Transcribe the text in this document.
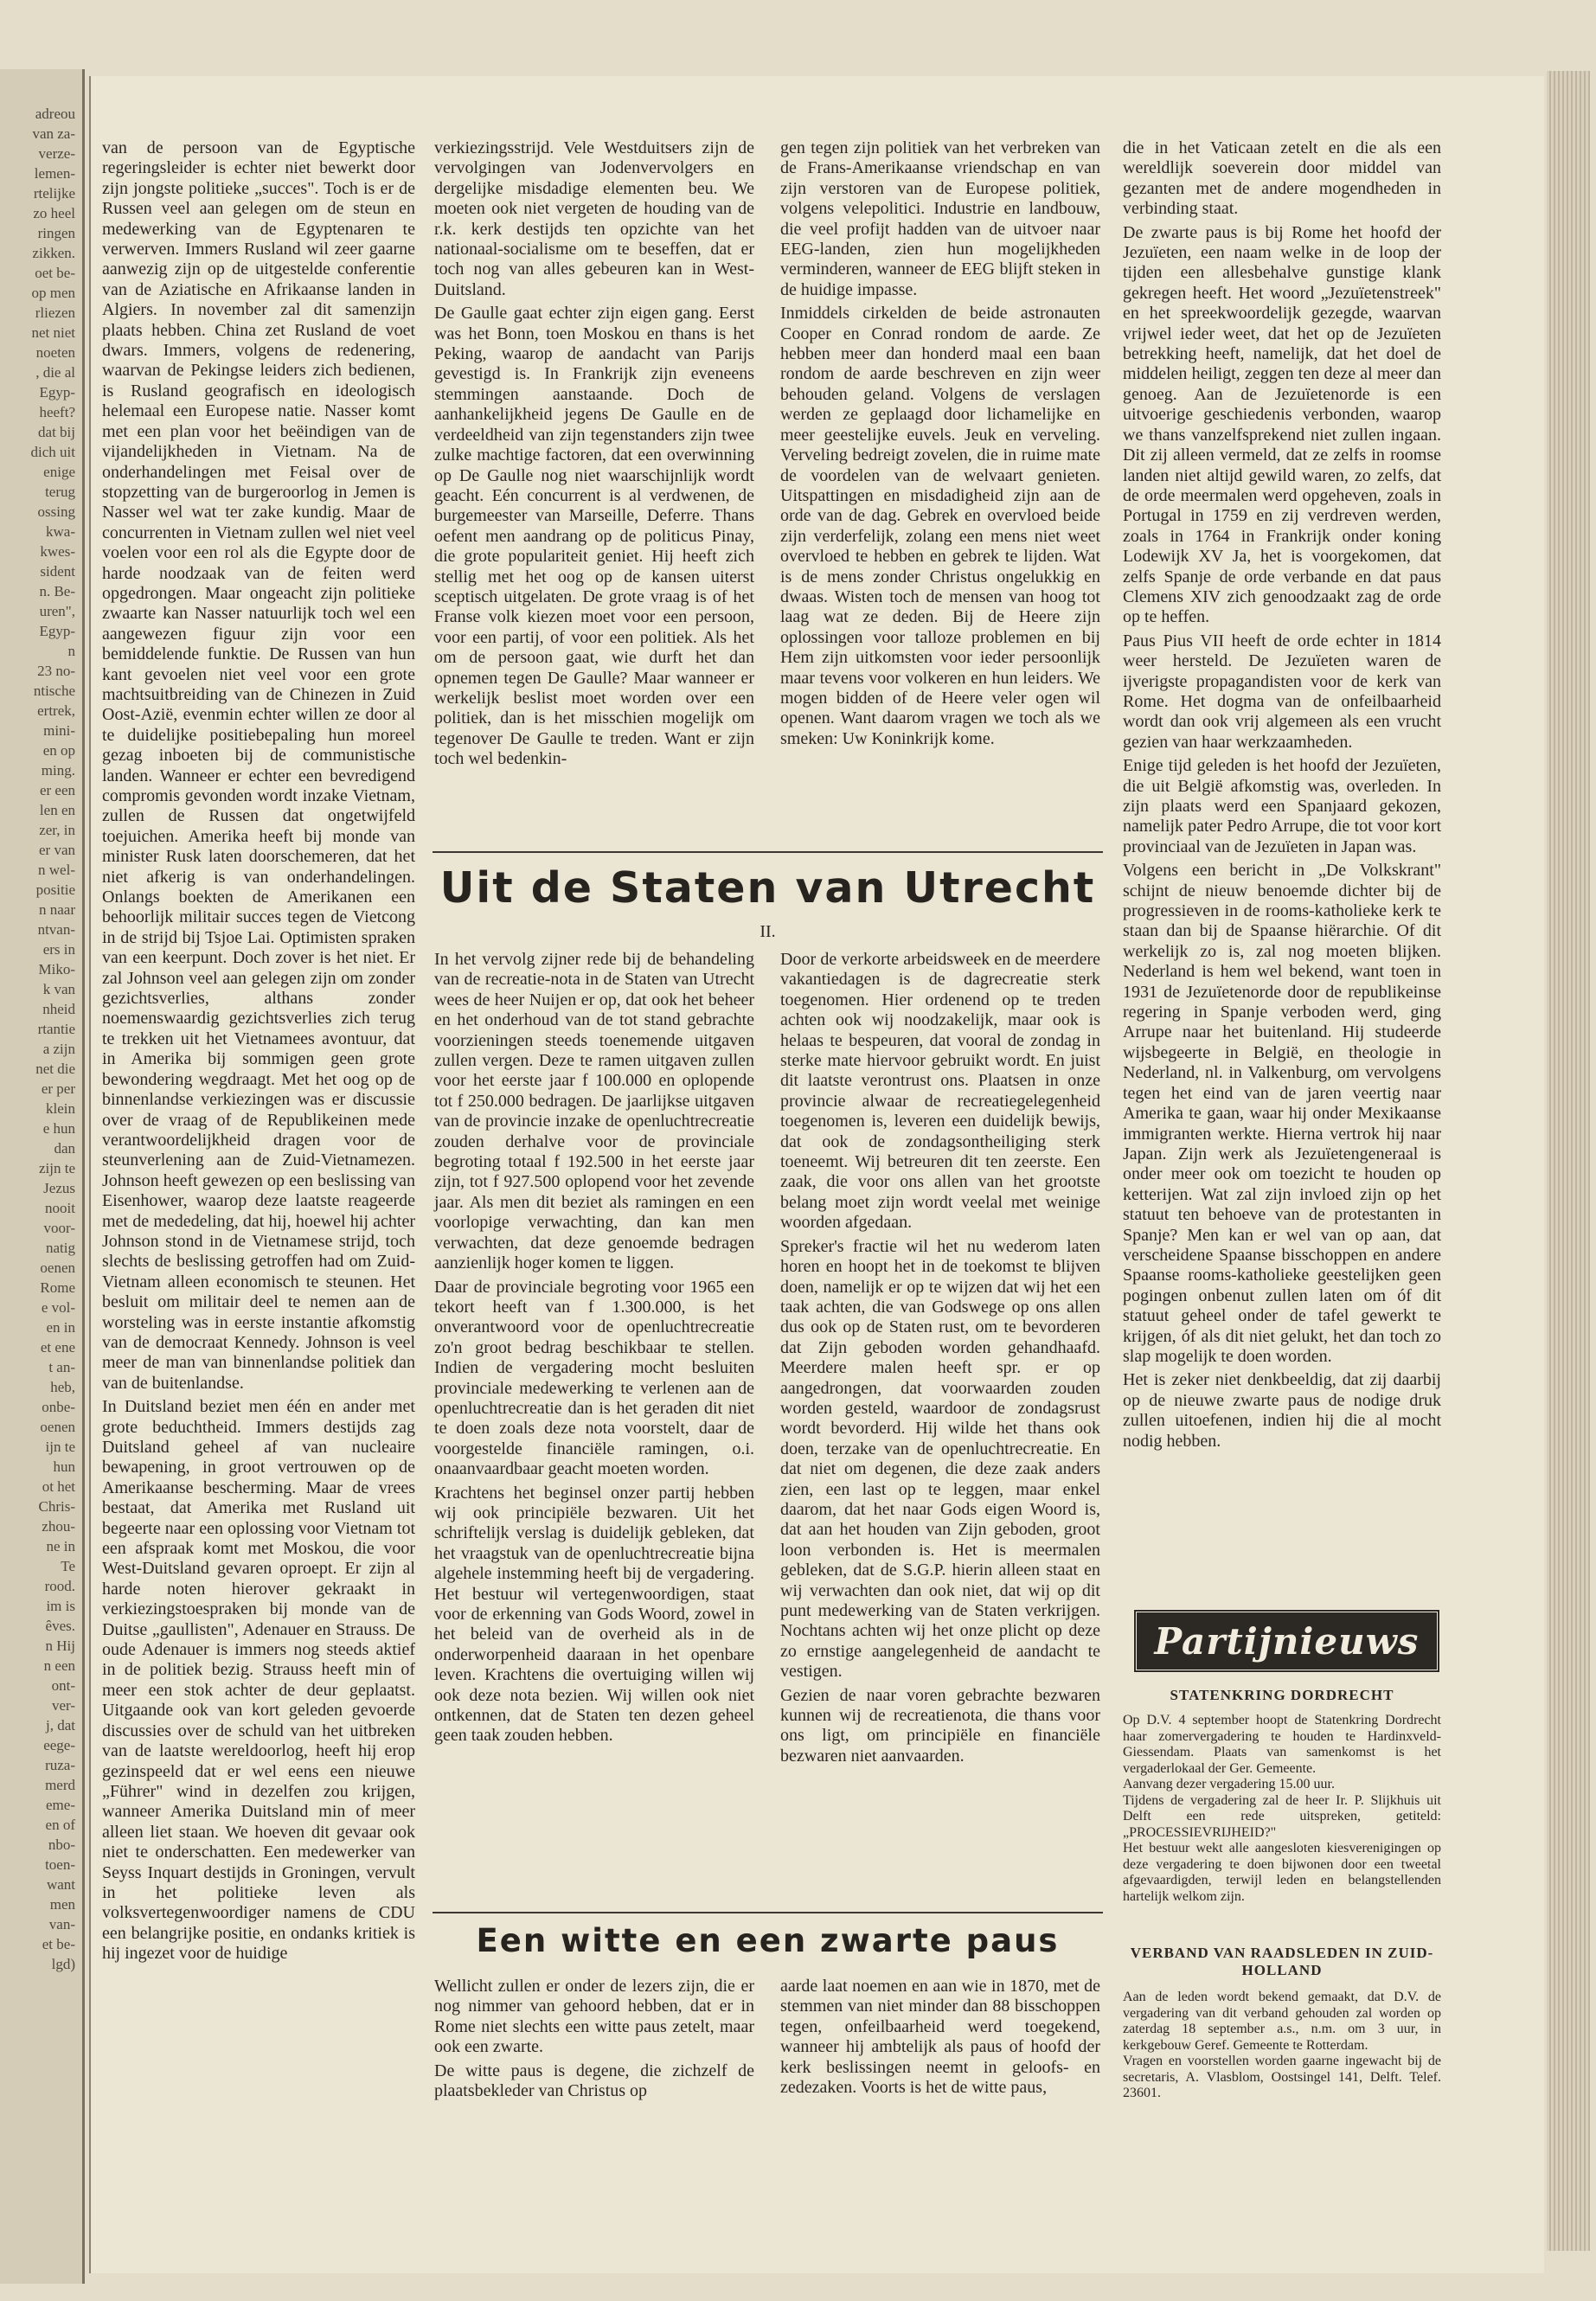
adreou
van za-
verze-
lemen-
rtelijke
zo heel
ringen
zikken.
oet be-
op men
rliezen
net niet
noeten
, die al
Egyp-
heeft?
dat bij
dich uit
enige
terug
ossing
kwa-
kwes-
sident
n. Be-
uren",
Egyp-
n
23 no-
ntische
ertrek,
mini-
en op
ming.
er een
len en
zer, in
er van
n wel-
positie
n naar
ntvan-
ers in
Miko-
k van
nheid
rtantie
a zijn
net die
er per
klein
e hun
dan
zijn te
Jezus
nooit
voor-
natig
oenen
Rome
e vol-
en in
et ene
t an-
heb,
onbe-
oenen
ijn te
hun
ot het
Chris-
zhou-
ne in
Te
rood.
im is
êves.
n Hij
n een
ont-
ver-
j, dat
eege-
ruza-
merd
eme-
en of
nbo-
toen-
want
men
van-
et be-
lgd)

van de persoon van de Egyptische regeringsleider is echter niet bewerkt door zijn jongste politieke „succes". Toch is er de Russen veel aan gelegen om de steun en medewerking van de Egyptenaren te verwerven. Immers Rusland wil zeer gaarne aanwezig zijn op de uitgestelde conferentie van de Aziatische en Afrikaanse landen in Algiers. In november zal dit samenzijn plaats hebben. China zet Rusland de voet dwars. Immers, volgens de redenering, waarvan de Pekingse leiders zich bedienen, is Rusland geografisch en ideologisch helemaal een Europese natie. Nasser komt met een plan voor het beëindigen van de vijandelijkheden in Vietnam. Na de onderhandelingen met Feisal over de stopzetting van de burgeroorlog in Jemen is Nasser wel wat ter zake kundig. Maar de concurrenten in Vietnam zullen wel niet veel voelen voor een rol als die Egypte door de harde noodzaak van de feiten werd opgedrongen. Maar ongeacht zijn politieke zwaarte kan Nasser natuurlijk toch wel een aangewezen figuur zijn voor een bemiddelende funktie. De Russen van hun kant gevoelen niet veel voor een grote machtsuitbreiding van de Chinezen in Zuid Oost-Azië, evenmin echter willen ze door al te duidelijke positiebepaling hun moreel gezag inboeten bij de communistische landen. Wanneer er echter een bevredigend compromis gevonden wordt inzake Vietnam, zullen de Russen dat ongetwijfeld toejuichen. Amerika heeft bij monde van minister Rusk laten doorschemeren, dat het niet afkerig is van onderhandelingen. Onlangs boekten de Amerikanen een behoorlijk militair succes tegen de Vietcong in de strijd bij Tsjoe Lai. Optimisten spraken van een keerpunt. Doch zover is het niet. Er zal Johnson veel aan gelegen zijn om zonder gezichtsverlies, althans zonder noemenswaardig gezichtsverlies zich terug te trekken uit het Vietnamees avontuur, dat in Amerika bij sommigen geen grote bewondering wegdraagt. Met het oog op de binnenlandse verkiezingen was er discussie over de vraag of de Republikeinen mede verantwoordelijkheid dragen voor de steunverlening aan de Zuid-Vietnamezen. Johnson heeft gewezen op een beslissing van Eisenhower, waarop deze laatste reageerde met de mededeling, dat hij, hoewel hij achter Johnson stond in de Vietnamese strijd, toch slechts de beslissing getroffen had om Zuid-Vietnam alleen economisch te steunen. Het besluit om militair deel te nemen aan de worsteling was in eerste instantie afkomstig van de democraat Kennedy. Johnson is veel meer de man van binnenlandse politiek dan van de buitenlandse.

In Duitsland beziet men één en ander met grote beduchtheid. Immers destijds zag Duitsland geheel af van nucleaire bewapening, in groot vertrouwen op de Amerikaanse bescherming. Maar de vrees bestaat, dat Amerika met Rusland uit begeerte naar een oplossing voor Vietnam tot een afspraak komt met Moskou, die voor West-Duitsland gevaren oproept. Er zijn al harde noten hierover gekraakt in verkiezingstoespraken bij monde van de Duitse „gaullisten", Adenauer en Strauss. De oude Adenauer is immers nog steeds aktief in de politiek bezig. Strauss heeft min of meer een stok achter de deur geplaatst. Uitgaande ook van kort geleden gevoerde discussies over de schuld van het uitbreken van de laatste wereldoorlog, heeft hij erop gezinspeeld dat er wel eens een nieuwe „Führer" wind in dezelfen zou krijgen, wanneer Amerika Duitsland min of meer alleen liet staan. We hoeven dit gevaar ook niet te onderschatten. Een medewerker van Seyss Inquart destijds in Groningen, vervult in het politieke leven als volksvertegenwoordiger namens de CDU een belangrijke positie, en ondanks kritiek is hij ingezet voor de huidige

verkiezingsstrijd. Vele Westduitsers zijn de vervolgingen van Jodenvervolgers en dergelijke misdadige elementen beu. We moeten ook niet vergeten de houding van de r.k. kerk destijds ten opzichte van het nationaal-socialisme om te beseffen, dat er toch nog van alles gebeuren kan in West-Duitsland.

De Gaulle gaat echter zijn eigen gang. Eerst was het Bonn, toen Moskou en thans is het Peking, waarop de aandacht van Parijs gevestigd is. In Frankrijk zijn eveneens stemmingen aanstaande. Doch de aanhankelijkheid jegens De Gaulle en de verdeeldheid van zijn tegenstanders zijn twee zulke machtige factoren, dat een overwinning op De Gaulle nog niet waarschijnlijk wordt geacht. Eén concurrent is al verdwenen, de burgemeester van Marseille, Deferre. Thans oefent men aandrang op de politicus Pinay, die grote populariteit geniet. Hij heeft zich stellig met het oog op de kansen uiterst sceptisch uitgelaten. De grote vraag is of het Franse volk kiezen moet voor een persoon, voor een partij, of voor een politiek. Als het om de persoon gaat, wie durft het dan opnemen tegen De Gaulle? Maar wanneer er werkelijk beslist moet worden over een politiek, dan is het misschien mogelijk om tegenover De Gaulle te treden. Want er zijn toch wel bedenkin-

gen tegen zijn politiek van het verbreken van de Frans-Amerikaanse vriendschap en van zijn verstoren van de Europese politiek, volgens velepolitici. Industrie en landbouw, die veel profijt hadden van de uitvoer naar EEG-landen, zien hun mogelijkheden verminderen, wanneer de EEG blijft steken in de huidige impasse.

Inmiddels cirkelden de beide astronauten Cooper en Conrad rondom de aarde. Ze hebben meer dan honderd maal een baan rondom de aarde beschreven en zijn weer behouden geland. Volgens de verslagen werden ze geplaagd door lichamelijke en meer geestelijke euvels. Jeuk en verveling. Verveling bedreigt zovelen, die in ruime mate de voordelen van de welvaart genieten. Uitspattingen en misdadigheid zijn aan de orde van de dag. Gebrek en overvloed beide zijn verderfelijk, zolang een mens niet weet overvloed te hebben en gebrek te lijden. Wat is de mens zonder Christus ongelukkig en dwaas. Wisten toch de mensen van hoog tot laag wat ze deden. Bij de Heere zijn oplossingen voor talloze problemen en bij Hem zijn uitkomsten voor ieder persoonlijk maar tevens voor volkeren en hun leiders. We mogen bidden of de Heere veler ogen wil openen. Want daarom vragen we toch als we smeken: Uw Koninkrijk kome.

die in het Vaticaan zetelt en die als een wereldlijk soeverein door middel van gezanten met de andere mogendheden in verbinding staat.

De zwarte paus is bij Rome het hoofd der Jezuïeten, een naam welke in de loop der tijden een allesbehalve gunstige klank gekregen heeft. Het woord „Jezuïetenstreek" en het spreekwoordelijk gezegde, waarvan vrijwel ieder weet, dat het op de Jezuïeten betrekking heeft, namelijk, dat het doel de middelen heiligt, zeggen ten deze al meer dan genoeg. Aan de Jezuïetenorde is een uitvoerige geschiedenis verbonden, waarop we thans vanzelfsprekend niet zullen ingaan. Dit zij alleen vermeld, dat ze zelfs in roomse landen niet altijd gewild waren, zo zelfs, dat de orde meermalen werd opgeheven, zoals in Portugal in 1759 en zij verdreven werden, zoals in 1764 in Frankrijk onder koning Lodewijk XV Ja, het is voorgekomen, dat zelfs Spanje de orde verbande en dat paus Clemens XIV zich genoodzaakt zag de orde op te heffen.

Paus Pius VII heeft de orde echter in 1814 weer hersteld. De Jezuïeten waren de ijverigste propagandisten voor de kerk van Rome. Het dogma van de onfeilbaarheid wordt dan ook vrij algemeen als een vrucht gezien van haar werkzaamheden.

Enige tijd geleden is het hoofd der Jezuïeten, die uit België afkomstig was, overleden. In zijn plaats werd een Spanjaard gekozen, namelijk pater Pedro Arrupe, die tot voor kort provinciaal van de Jezuïeten in Japan was.

Volgens een bericht in „De Volkskrant" schijnt de nieuw benoemde dichter bij de progressieven in de rooms-katholieke kerk te staan dan bij de Spaanse hiërarchie. Of dit werkelijk zo is, zal nog moeten blijken. Nederland is hem wel bekend, want toen in 1931 de Jezuïetenorde door de republikeinse regering in Spanje verboden werd, ging Arrupe naar het buitenland. Hij studeerde wijsbegeerte in België, en theologie in Nederland, nl. in Valkenburg, om vervolgens tegen het eind van de jaren veertig naar Amerika te gaan, waar hij onder Mexikaanse immigranten werkte. Hierna vertrok hij naar Japan. Zijn werk als Jezuïetengeneraal is onder meer ook om toezicht te houden op ketterijen. Wat zal zijn invloed zijn op het statuut ten behoeve van de protestanten in Spanje? Men kan er wel van op aan, dat verscheidene Spaanse bisschoppen en andere Spaanse rooms-katholieke geestelijken geen pogingen onbenut zullen laten om óf dit statuut geheel onder de tafel gewerkt te krijgen, óf als dit niet gelukt, het dan toch zo slap mogelijk te doen worden.

Het is zeker niet denkbeeldig, dat zij daarbij op de nieuwe zwarte paus de nodige druk zullen uitoefenen, indien hij die al mocht nodig hebben.

Uit de Staten van Utrecht
II.

In het vervolg zijner rede bij de behandeling van de recreatie-nota in de Staten van Utrecht wees de heer Nuijen er op, dat ook het beheer en het onderhoud van de tot stand gebrachte voorzieningen steeds toenemende uitgaven zullen vergen. Deze te ramen uitgaven zullen voor het eerste jaar f 100.000 en oplopende tot f 250.000 bedragen. De jaarlijkse uitgaven van de provincie inzake de openluchtrecreatie zouden derhalve voor de provinciale begroting totaal f 192.500 in het eerste jaar zijn, tot f 927.500 oplopend voor het zevende jaar. Als men dit beziet als ramingen en een voorlopige verwachting, dan kan men verwachten, dat deze genoemde bedragen aanzienlijk hoger komen te liggen.

Daar de provinciale begroting voor 1965 een tekort heeft van f 1.300.000, is het onverantwoord voor de openluchtrecreatie zo'n groot bedrag beschikbaar te stellen. Indien de vergadering mocht besluiten provinciale medewerking te verlenen aan de openluchtrecreatie dan is het geraden dit niet te doen zoals deze nota voorstelt, daar de voorgestelde financiële ramingen, o.i. onaanvaardbaar geacht moeten worden.

Krachtens het beginsel onzer partij hebben wij ook principiële bezwaren. Uit het schriftelijk verslag is duidelijk gebleken, dat het vraagstuk van de openluchtrecreatie bijna algehele instemming heeft bij de vergadering. Het bestuur wil vertegenwoordigen, staat voor de erkenning van Gods Woord, zowel in het beleid van de overheid als in de onderworpenheid daaraan in het openbare leven. Krachtens die overtuiging willen wij ook deze nota bezien. Wij willen ook niet ontkennen, dat de Staten ten dezen geheel geen taak zouden hebben.

Door de verkorte arbeidsweek en de meerdere vakantiedagen is de dagrecreatie sterk toegenomen. Hier ordenend op te treden achten ook wij noodzakelijk, maar ook is helaas te bespeuren, dat vooral de zondag in sterke mate hiervoor gebruikt wordt. En juist dit laatste verontrust ons. Plaatsen in onze provincie alwaar de recreatiegelegenheid toegenomen is, leveren een duidelijk bewijs, dat ook de zondagsontheiliging sterk toeneemt. Wij betreuren dit ten zeerste. Een zaak, die voor ons allen van het grootste belang moet zijn wordt veelal met weinige woorden afgedaan.

Spreker's fractie wil het nu wederom laten horen en hoopt het in de toekomst te blijven doen, namelijk er op te wijzen dat wij het een taak achten, die van Godswege op ons allen dus ook op de Staten rust, om te bevorderen dat Zijn geboden worden gehandhaafd. Meerdere malen heeft spr. er op aangedrongen, dat voorwaarden zouden worden gesteld, waardoor de zondagsrust wordt bevorderd. Hij wilde het thans ook doen, terzake van de openluchtrecreatie. En dat niet om degenen, die deze zaak anders zien, een last op te leggen, maar enkel daarom, dat het naar Gods eigen Woord is, dat aan het houden van Zijn geboden, groot loon verbonden is. Het is meermalen gebleken, dat de S.G.P. hierin alleen staat en wij verwachten dan ook niet, dat wij op dit punt medewerking van de Staten verkrijgen. Nochtans achten wij het onze plicht op deze zo ernstige aangelegenheid de aandacht te vestigen.

Gezien de naar voren gebrachte bezwaren kunnen wij de recreatienota, die thans voor ons ligt, om principiële en financiële bezwaren niet aanvaarden.

Een witte en een zwarte paus

Wellicht zullen er onder de lezers zijn, die er nog nimmer van gehoord hebben, dat er in Rome niet slechts een witte paus zetelt, maar ook een zwarte.

De witte paus is degene, die zichzelf de plaatsbekleder van Christus op

aarde laat noemen en aan wie in 1870, met de stemmen van niet minder dan 88 bisschoppen tegen, onfeilbaarheid werd toegekend, wanneer hij ambtelijk als paus of hoofd der kerk beslissingen neemt in geloofs- en zedezaken. Voorts is het de witte paus,

Partijnieuws
STATENKRING DORDRECHT

Op D.V. 4 september hoopt de Statenkring Dordrecht haar zomervergadering te houden te Hardinxveld-Giessendam. Plaats van samenkomst is het vergaderlokaal der Ger. Gemeente.

Aanvang dezer vergadering 15.00 uur.

Tijdens de vergadering zal de heer Ir. P. Slijkhuis uit Delft een rede uitspreken, getiteld: „PROCESSIEVRIJHEID?"

Het bestuur wekt alle aangesloten kiesverenigingen op deze vergadering te doen bijwonen door een tweetal afgevaardigden, terwijl leden en belangstellenden hartelijk welkom zijn.

VERBAND VAN RAADSLEDEN IN ZUID-HOLLAND

Aan de leden wordt bekend gemaakt, dat D.V. de vergadering van dit verband gehouden zal worden op zaterdag 18 september a.s., n.m. om 3 uur, in kerkgebouw Geref. Gemeente te Rotterdam.

Vragen en voorstellen worden gaarne ingewacht bij de secretaris, A. Vlasblom, Oostsingel 141, Delft. Telef. 23601.
